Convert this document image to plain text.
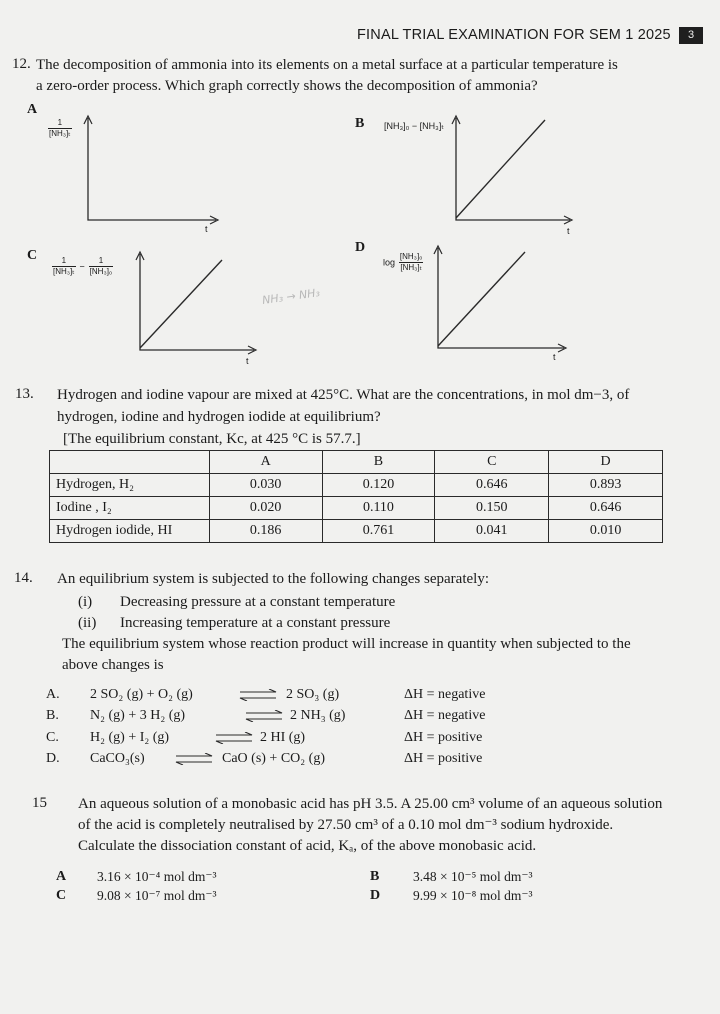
FINAL TRIAL EXAMINATION FOR SEM 1 2025	3
12. The decomposition of ammonia into its elements on a metal surface at a particular temperature is
a zero-order process. Which graph correctly shows the decomposition of ammonia?
A
$\frac{1}{\text{[NH₃]ₜ}}$
t
B [NH₃]₀ − [NH₃]ₜ
t
C
$\frac{1}{\text{[NH₃]ₜ}} - \frac{1}{\text{[NH₃]₀}}$
t
NH₃ → NH₃
D
$\log \frac{\text{[NH₃]₀}}{\text{[NH₃]ₜ}}$
t
13. Hydrogen and iodine vapour are mixed at 425°C. What are the concentrations, in mol dm−3, of
hydrogen, iodine and hydrogen iodide at equilibrium?
[The equilibrium constant, Kc, at 425 °C is 57.7.]
	A	B	C	D
Hydrogen, H₂	0.030	0.120	0.646	0.893
Iodine , I₂	0.020	0.110	0.150	0.646
Hydrogen iodide, HI	0.186	0.761	0.041	0.010
14. An equilibrium system is subjected to the following changes separately:
(i) Decreasing pressure at a constant temperature
(ii) Increasing temperature at a constant pressure
The equilibrium system whose reaction product will increase in quantity when subjected to the
above changes is
A. 2 SO₂ (g) + O₂ (g)	⇌ 2 SO₃ (g)	ΔH = negative
B. N₂ (g) + 3 H₂ (g)	⇌ 2 NH₃ (g)	ΔH = negative
C. H₂ (g) + I₂ (g)	⇌ 2 HI (g)	ΔH = positive
D. CaCO₃(s) ⇌ CaO (s) + CO₂ (g)	ΔH = positive
15 An aqueous solution of a monobasic acid has pH 3.5. A 25.00 cm³ volume of an aqueous solution
of the acid is completely neutralised by 27.50 cm³ of a 0.10 mol dm⁻³ sodium hydroxide.
Calculate the dissociation constant of acid, Kₐ, of the above monobasic acid.
A 3.16 × 10⁻⁴ mol dm⁻³	B 3.48 × 10⁻⁵ mol dm⁻³
C 9.08 × 10⁻⁷ mol dm⁻³	D 9.99 × 10⁻⁸ mol dm⁻³
